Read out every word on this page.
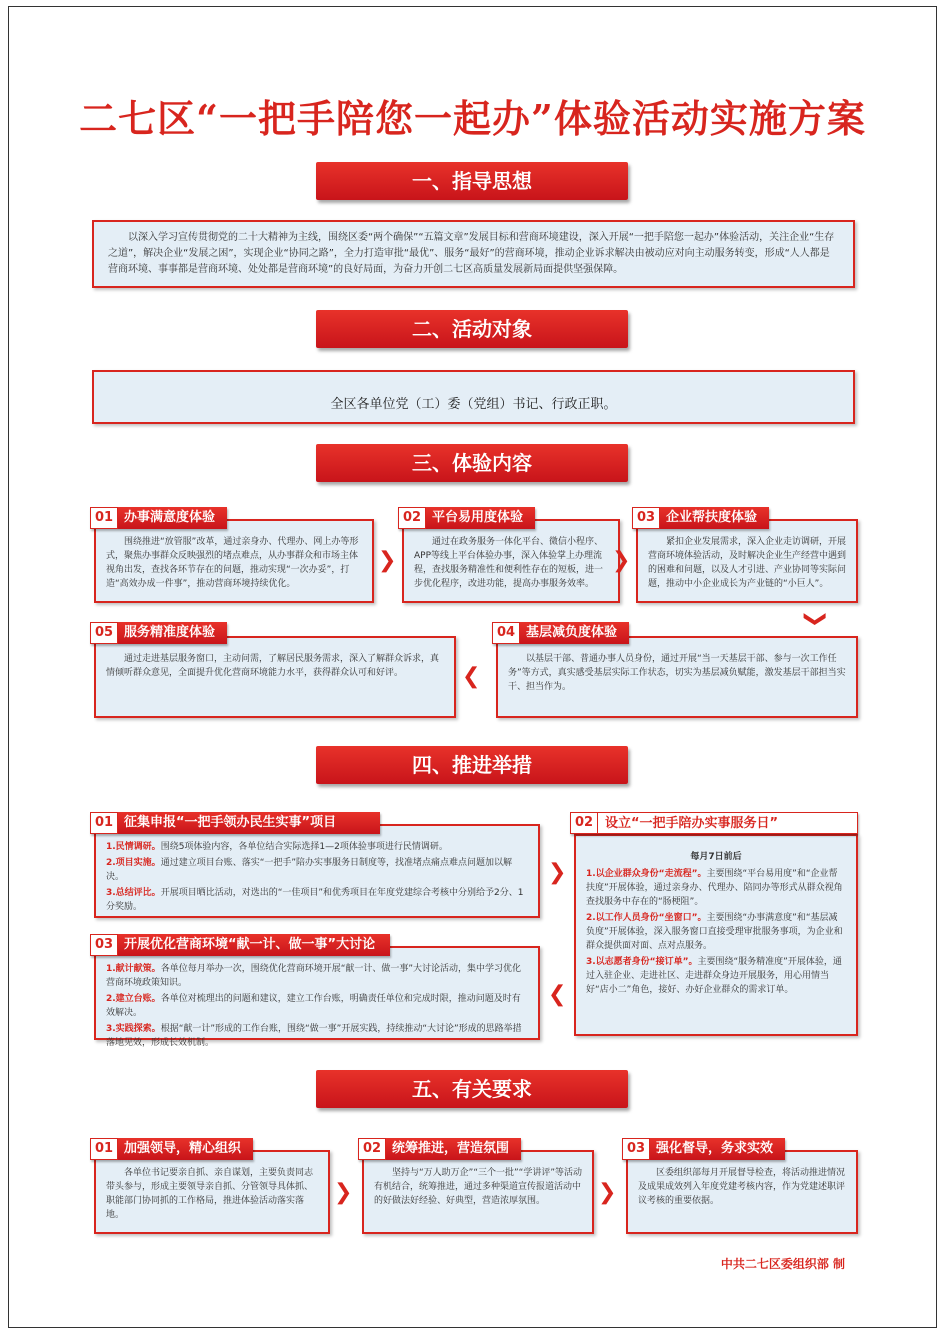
二七区“一把手陪您一起办”体验活动实施方案
一、指导思想
以深入学习宣传贯彻党的二十大精神为主线，围绕区委“两个确保”“五篇文章”发展目标和营商环境建设，深入开展“一把手陪您一起办”体验活动，关注企业“生存之道”，解决企业“发展之困”，实现企业“协同之路”，全力打造审批“最优”、服务“最好”的营商环境，推动企业诉求解决由被动应对向主动服务转变，形成“人人都是营商环境、事事都是营商环境、处处都是营商环境”的良好局面，为奋力开创二七区高质量发展新局面提供坚强保障。
二、活动对象
全区各单位党（工）委（党组）书记、行政正职。
三、体验内容
01 办事满意度体验
围绕推进“放管服”改革，通过亲身办、代理办、网上办等形式，聚焦办事群众反映强烈的堵点难点，从办事群众和市场主体视角出发，查找各环节存在的问题，推动实现“一次办妥”，打造“高效办成一件事”，推动营商环境持续优化。
❯
02 平台易用度体验
通过在政务服务一体化平台、微信小程序、APP等线上平台体验办事，深入体验掌上办理流程，查找服务精准性和便利性存在的短板，进一步优化程序，改进功能，提高办事服务效率。
❯
03 企业帮扶度体验
紧扣企业发展需求，深入企业走访调研，开展营商环境体验活动，及时解决企业生产经营中遇到的困难和问题，以及人才引进、产业协同等实际问题，推动中小企业成长为产业链的“小巨人”。
❯
04 基层减负度体验
以基层干部、普通办事人员身份，通过开展“当一天基层干部、参与一次工作任务”等方式，真实感受基层实际工作状态，切实为基层减负赋能，激发基层干部担当实干、担当作为。
❮
05 服务精准度体验
通过走进基层服务窗口，主动问需，了解居民服务需求，深入了解群众诉求，真情倾听群众意见，全面提升优化营商环境能力水平，获得群众认可和好评。
四、推进举措
01 征集申报“一把手领办民生实事”项目
1.民情调研。围绕5项体验内容，各单位结合实际选择1—2项体验事项进行民情调研。
2.项目实施。通过建立项目台账、落实“一把手”陪办实事服务日制度等，找准堵点痛点难点问题加以解决。
3.总结评比。开展项目晒比活动，对选出的“一佳项目”和优秀项目在年度党建综合考核中分别给予2分、1分奖励。
❯
02 设立“一把手陪办实事服务日”
每月7日前后
1.以企业群众身份“走流程”。主要围绕“平台易用度”和“企业帮扶度”开展体验，通过亲身办、代理办、陪同办等形式从群众视角查找服务中存在的“肠梗阻”。
2.以工作人员身份“坐窗口”。主要围绕“办事满意度”和“基层减负度”开展体验，深入服务窗口直接受理审批服务事项，为企业和群众提供面对面、点对点服务。
3.以志愿者身份“接订单”。主要围绕“服务精准度”开展体验，通过入驻企业、走进社区、走进群众身边开展服务，用心用情当好“店小二”角色，接好、办好企业群众的需求订单。
❮
03 开展优化营商环境“献一计、做一事”大讨论
1.献计献策。各单位每月举办一次，围绕优化营商环境开展“献一计、做一事”大讨论活动，集中学习优化营商环境政策知识。
2.建立台账。各单位对梳理出的问题和建议，建立工作台账，明确责任单位和完成时限，推动问题及时有效解决。
3.实践探索。根据“献一计”形成的工作台账，围绕“做一事”开展实践，持续推动“大讨论”形成的思路举措落地见效，形成长效机制。
五、有关要求
01 加强领导，精心组织
各单位书记要亲自抓、亲自谋划，主要负责同志带头参与，形成主要领导亲自抓、分管领导具体抓、职能部门协同抓的工作格局，推进体验活动落实落地。
❯
02 统筹推进，营造氛围
坚持与“万人助万企”“三个一批”“学讲评”等活动有机结合，统筹推进，通过多种渠道宣传报道活动中的好做法好经验、好典型，营造浓厚氛围。	❯
03 强化督导，务求实效
区委组织部每月开展督导检查，将活动推进情况及成果成效列入年度党建考核内容，作为党建述职评议考核的重要依据。
中共二七区委组织部 制
